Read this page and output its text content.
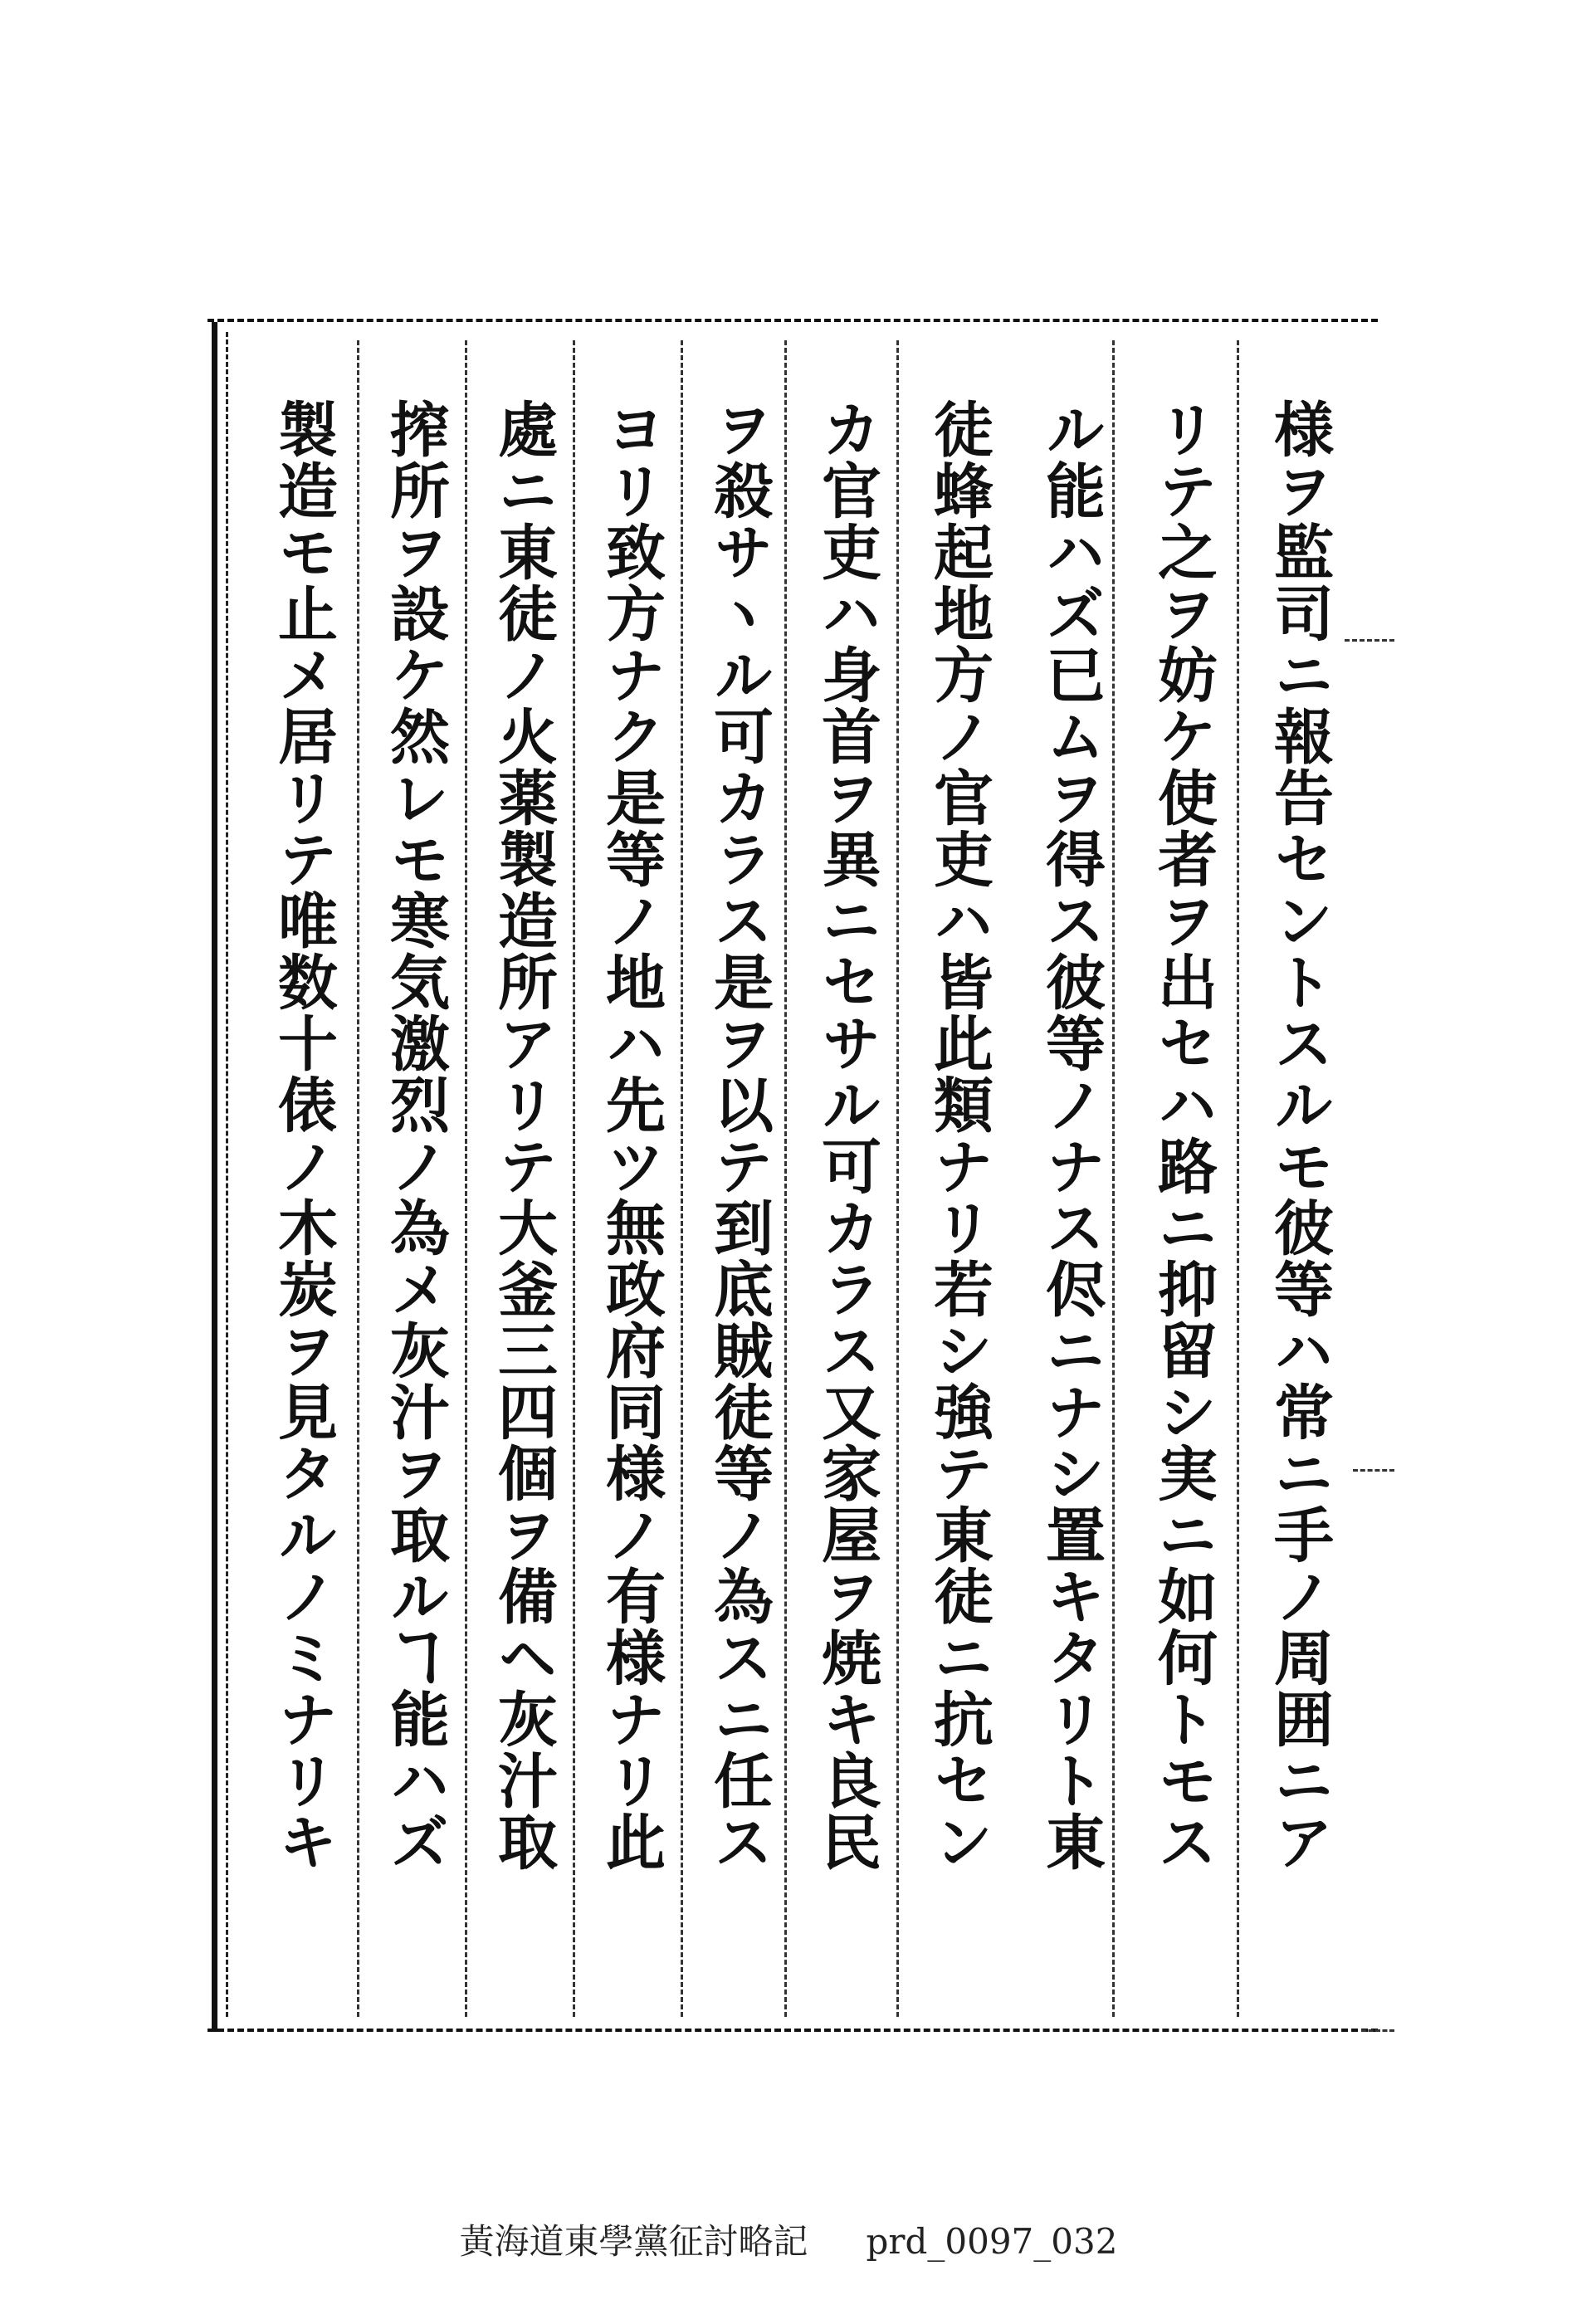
様ヲ監司ニ報告セントスルモ彼等ハ常ニ手ノ周囲ニア
リテ之ヲ妨ケ使者ヲ出セハ路ニ抑留シ実ニ如何トモス
ル能ハズ已ムヲ得ス彼等ノナス侭ニナシ置キタリト東
徒蜂起地方ノ官吏ハ皆此類ナリ若シ強テ東徒ニ抗セン
カ官吏ハ身首ヲ異ニセサル可カラス又家屋ヲ焼キ良民
ヲ殺サヽル可カラス是ヲ以テ到底賊徒等ノ為スニ任ス
ヨリ致方ナク是等ノ地ハ先ツ無政府同様ノ有様ナリ此
處ニ東徒ノ火薬製造所アリテ大釜三四個ヲ備ヘ灰汁取
搾所ヲ設ケ然レモ寒気激烈ノ為メ灰汁ヲ取ルヿ能ハズ
製造モ止メ居リテ唯数十俵ノ木炭ヲ見タルノミナリキ
黃海道東學黨征討略記 prd_0097_032
